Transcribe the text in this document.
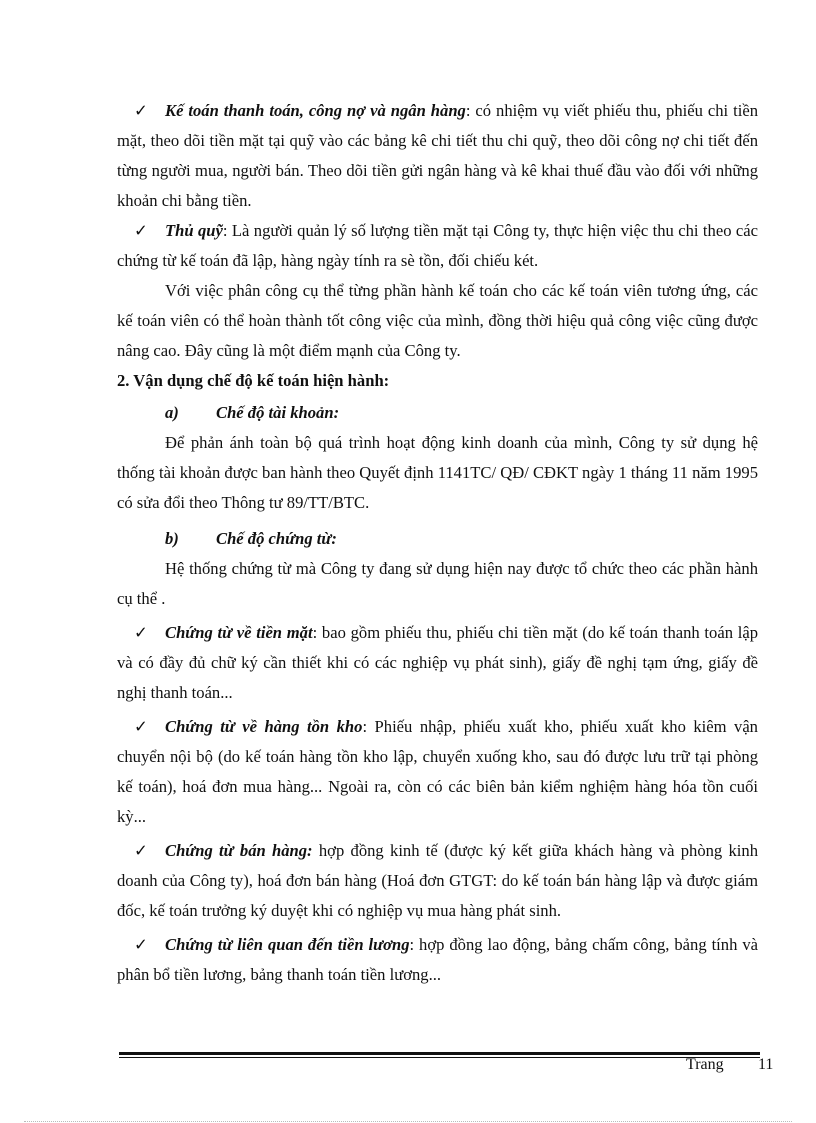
✓ Kế toán thanh toán, công nợ và ngân hàng: có nhiệm vụ viết phiếu thu, phiếu chi tiền mặt, theo dõi tiền mặt tại quỹ vào các bảng kê chi tiết thu chi quỹ, theo dõi công nợ chi tiết đến từng người mua, người bán. Theo dõi tiền gửi ngân hàng và kê khai thuế đầu vào đối với những khoản chi bằng tiền.

✓ Thủ quỹ: Là người quản lý số lượng tiền mặt tại Công ty, thực hiện việc thu chi theo các chứng từ kế toán đã lập, hàng ngày tính ra sè tồn, đối chiếu két.

Với việc phân công cụ thể từng phần hành kế toán cho các kế toán viên tương ứng, các kế toán viên có thể hoàn thành tốt công việc của mình, đồng thời hiệu quả công việc cũng được nâng cao. Đây cũng là một điểm mạnh của Công ty.

2. Vận dụng chế độ kế toán hiện hành:

a)	Chế độ tài khoản:

Để phản ánh toàn bộ quá trình hoạt động kinh doanh của mình, Công ty sử dụng hệ thống tài khoản được ban hành theo Quyết định 1141TC/ QĐ/ CĐKT ngày 1 tháng 11 năm 1995 có sửa đổi theo Thông tư 89/TT/BTC.

b)	Chế độ chứng từ:

Hệ thống chứng từ mà Công ty đang sử dụng hiện nay được tổ chức theo các phần hành cụ thể .

✓ Chứng từ về tiền mặt: bao gồm phiếu thu, phiếu chi tiền mặt (do kế toán thanh toán lập và có đầy đủ chữ ký cần thiết khi có các nghiệp vụ phát sinh), giấy đề nghị tạm ứng, giấy đề nghị thanh toán...

✓ Chứng từ về hàng tồn kho: Phiếu nhập, phiếu xuất kho, phiếu xuất kho kiêm vận chuyển nội bộ (do kế toán hàng tồn kho lập, chuyển xuống kho, sau đó được lưu trữ tại phòng kế toán), hoá đơn mua hàng... Ngoài ra, còn có các biên bản kiểm nghiệm hàng hóa tồn cuối kỳ...

✓ Chứng từ bán hàng: hợp đồng kinh tế (được ký kết giữa khách hàng và phòng kinh doanh của Công ty), hoá đơn bán hàng (Hoá đơn GTGT: do kế toán bán hàng lập và được giám đốc, kế toán trưởng ký duyệt khi có nghiệp vụ mua hàng phát sinh.

✓ Chứng từ liên quan đến tiền lương: hợp đồng lao động, bảng chấm công, bảng tính và phân bổ tiền lương, bảng thanh toán tiền lương...

Trang 11
